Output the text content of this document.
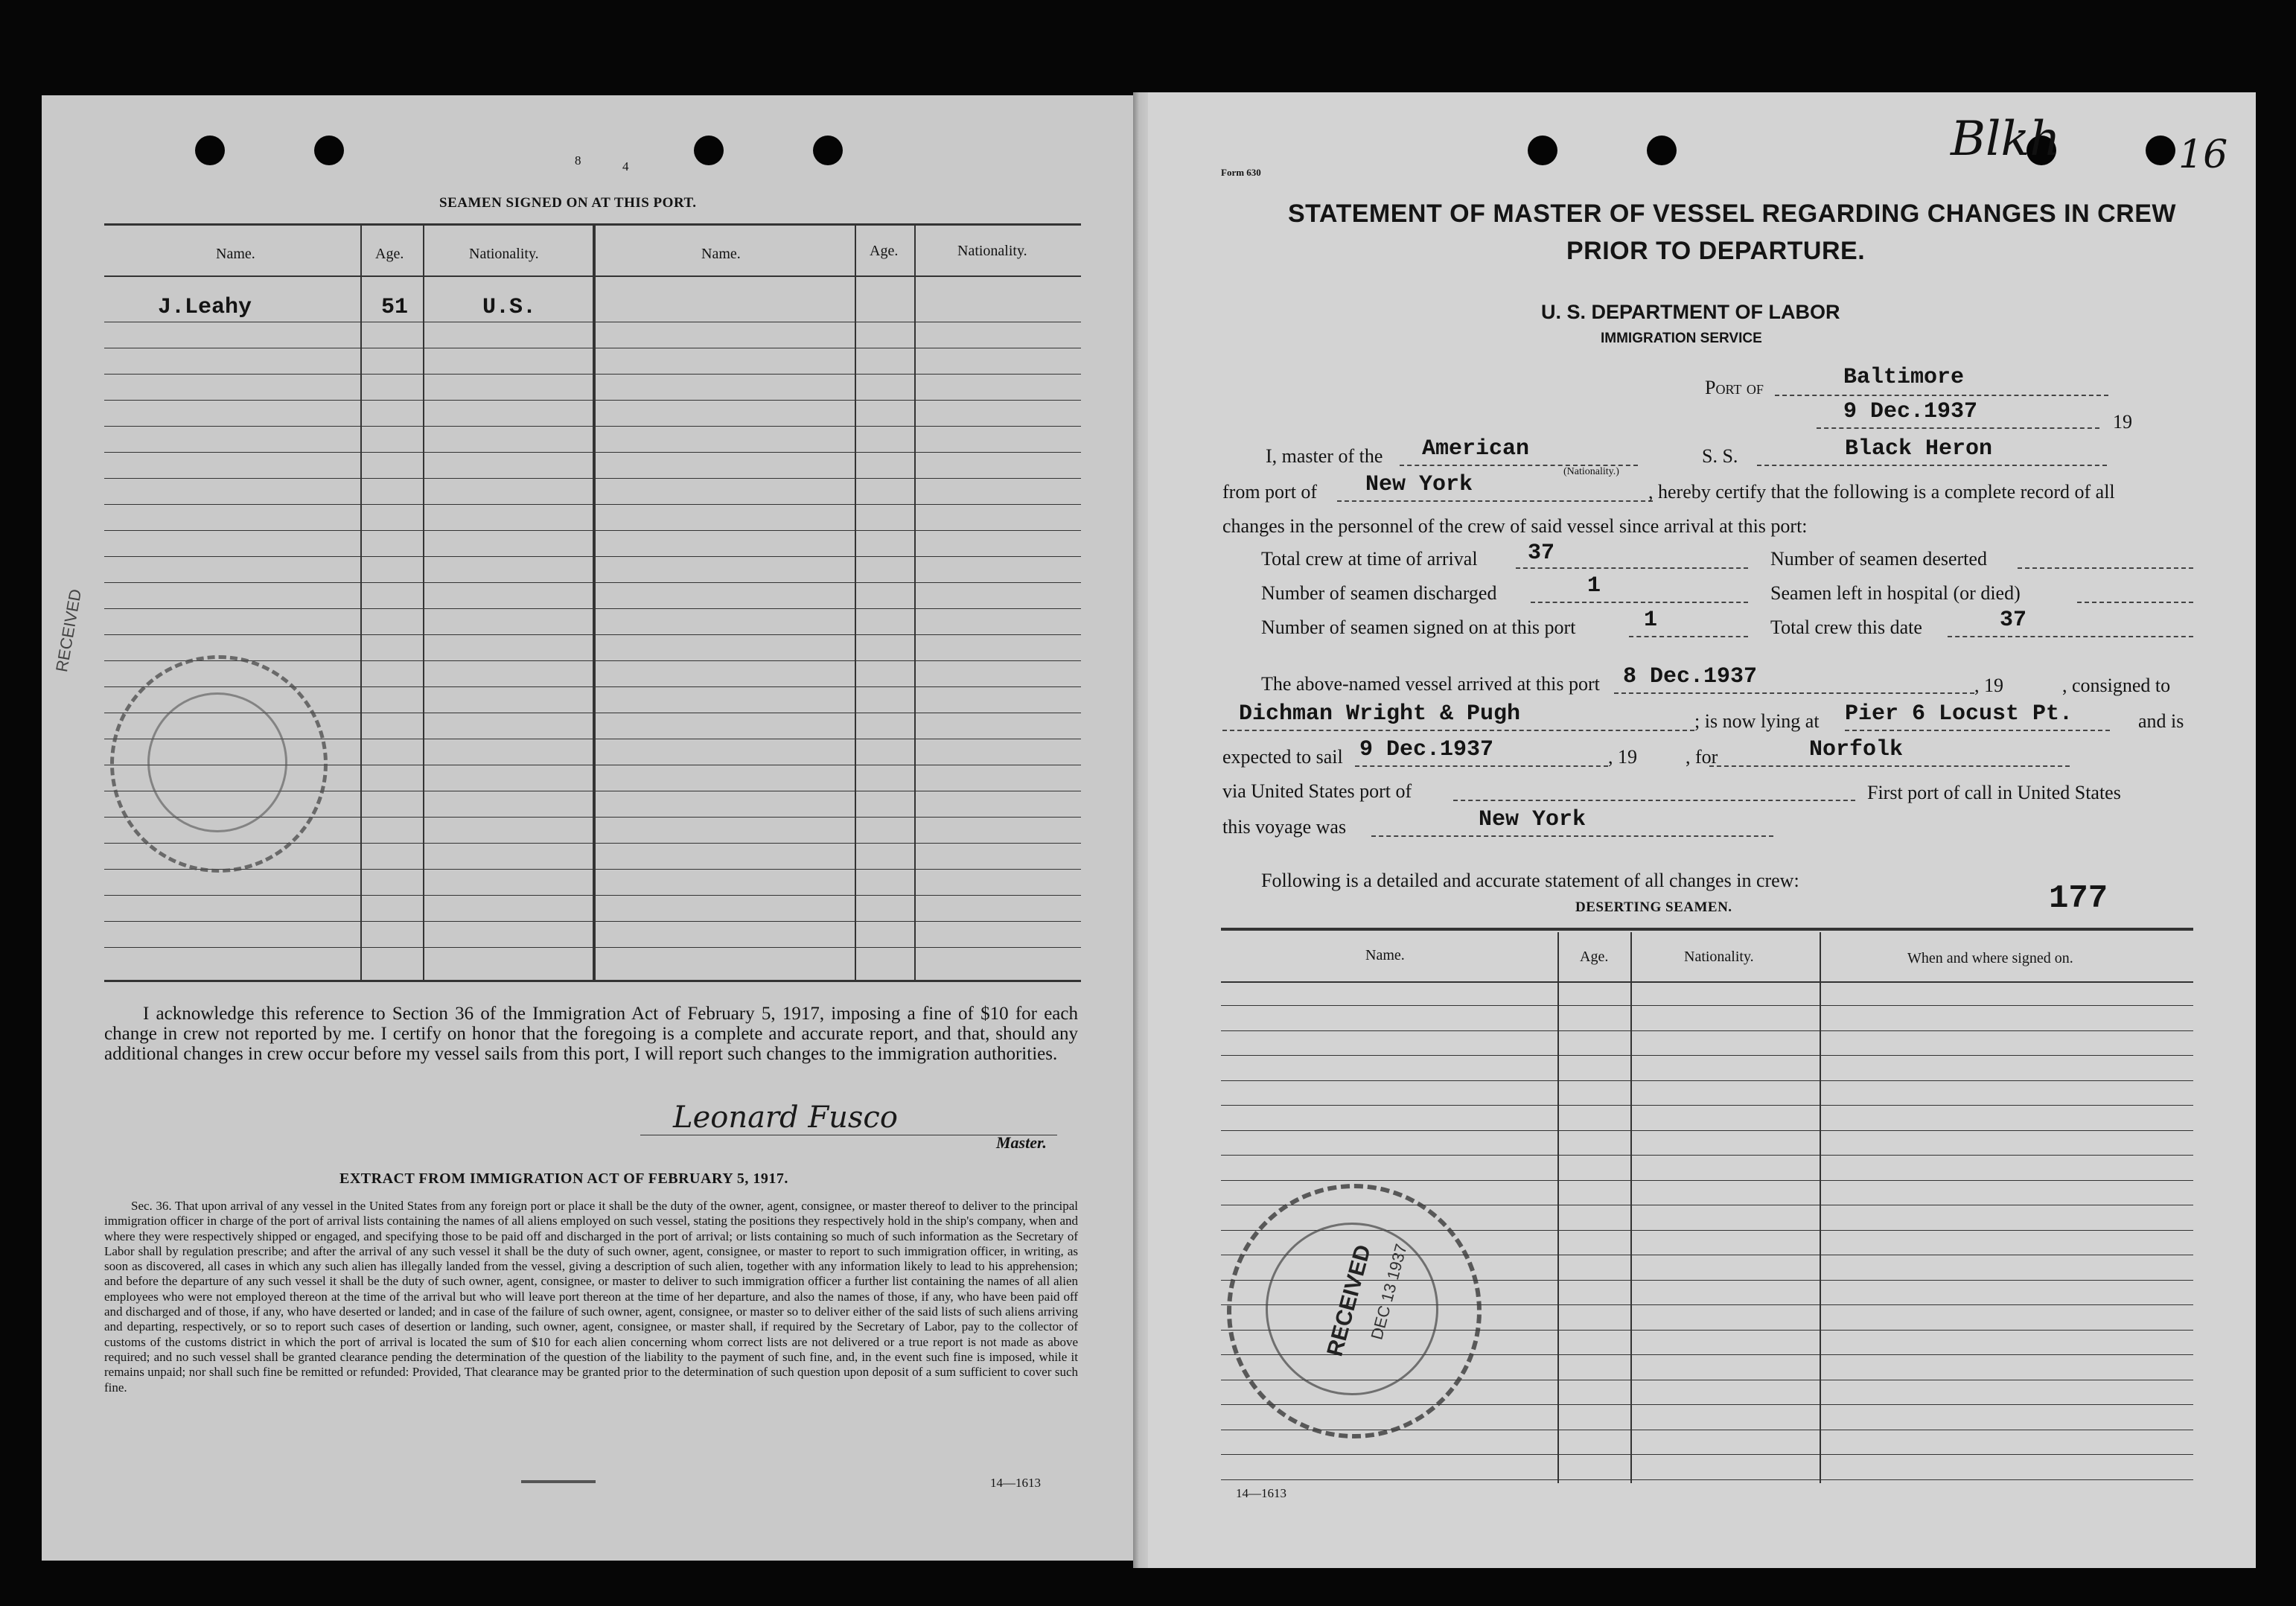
8	4
SEAMEN SIGNED ON AT THIS PORT.
Name.	Age.	Nationality.	Name.	Age.	Nationality.
J.Leahy	51	U.S.
RECEIVED
I acknowledge this reference to Section 36 of the Immigration Act of February 5, 1917, imposing a fine of $10 for each change in crew not reported by me. I certify on honor that the foregoing is a complete and accurate report, and that, should any additional changes in crew occur before my vessel sails from this port, I will report such changes to the immigration authorities.
Leonard Fusco
Master.
EXTRACT FROM IMMIGRATION ACT OF FEBRUARY 5, 1917.
Sec. 36. That upon arrival of any vessel in the United States from any foreign port or place it shall be the duty of the owner, agent, consignee, or master thereof to deliver to the principal immigration officer in charge of the port of arrival lists containing the names of all aliens employed on such vessel, stating the positions they respectively hold in the ship's company, when and where they were respectively shipped or engaged, and specifying those to be paid off and discharged in the port of arrival; or lists containing so much of such information as the Secretary of Labor shall by regulation prescribe; and after the arrival of any such vessel it shall be the duty of such owner, agent, consignee, or master to report to such immigration officer, in writing, as soon as discovered, all cases in which any such alien has illegally landed from the vessel, giving a description of such alien, together with any information likely to lead to his apprehension; and before the departure of any such vessel it shall be the duty of such owner, agent, consignee, or master to deliver to such immigration officer a further list containing the names of all alien employees who were not employed thereon at the time of the arrival but who will leave port thereon at the time of her departure, and also the names of those, if any, who have been paid off and discharged and of those, if any, who have deserted or landed; and in case of the failure of such owner, agent, consignee, or master so to deliver either of the said lists of such aliens arriving and departing, respectively, or so to report such cases of desertion or landing, such owner, agent, consignee, or master shall, if required by the Secretary of Labor, pay to the collector of customs of the customs district in which the port of arrival is located the sum of $10 for each alien concerning whom correct lists are not delivered or a true report is not made as above required; and no such vessel shall be granted clearance pending the determination of the question of the liability to the payment of such fine, and, in the event such fine is imposed, while it remains unpaid; nor shall such fine be remitted or refunded: Provided, That clearance may be granted prior to the determination of such question upon deposit of a sum sufficient to cover such fine.
14—1613
Blkh	16
Form 630
STATEMENT OF MASTER OF VESSEL REGARDING CHANGES IN CREW
PRIOR TO DEPARTURE.
U. S. DEPARTMENT OF LABOR
IMMIGRATION SERVICE
Port of	Baltimore
9 Dec.1937	19
I, master of the American
(Nationality.)
S. S.	Black Heron
from port of New York	, hereby certify that the following is a complete record of all
changes in the personnel of the crew of said vessel since arrival at this port:
Total crew at time of arrival 37	Number of seamen deserted
Number of seamen discharged	1	Seamen left in hospital (or died)
Number of seamen signed on at this port	1	Total crew this date	37
The above-named vessel arrived at this port 8 Dec.1937	, 19	, consigned to
Dichman Wright & Pugh	; is now lying at Pier 6 Locust Pt.	and is
expected to sail 9 Dec.1937	, 19          , for	Norfolk
via United States port of	First port of call in United States
this voyage was	New York
Following is a detailed and accurate statement of all changes in crew:
DESERTING SEAMEN.	177
Name.	Age.	Nationality.	When and where signed on.
RECEIVED
DEC 13 1937
14—1613
